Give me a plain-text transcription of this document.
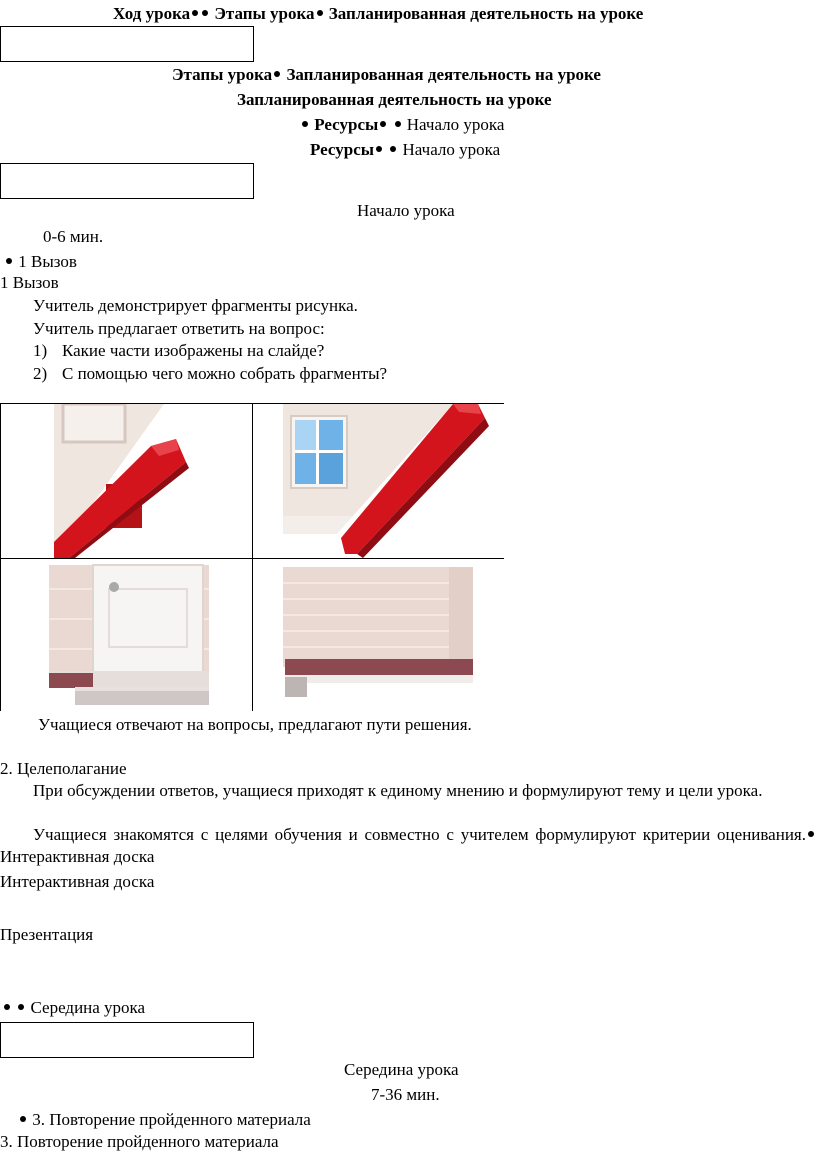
Ход урока Этапы урока Запланированная деятельность на уроке
Этапы урока Запланированная деятельность на уроке
Запланированная деятельность на уроке
Ресурсы Начало урока
Ресурсы Начало урока
Начало урока
0-6 мин.
1 Вызов
1 Вызов
Учитель демонстрирует фрагменты рисунка.
Учитель предлагает ответить на вопрос:
1) Какие части изображены на слайде?
2) С помощью чего можно собрать фрагменты?
Учащиеся отвечают на вопросы, предлагают пути решения.
2. Целеполагание
При обсуждении ответов, учащиеся приходят к единому мнению и формулируют тему и цели урока.
Учащиеся знакомятся с целями обучения и совместно с учителем формулируют критерии оценивания. Интерактивная доска
Интерактивная доска
Презентация
Середина урока
Середина урока
7-36 мин.
3. Повторение пройденного материала
3. Повторение пройденного материала
